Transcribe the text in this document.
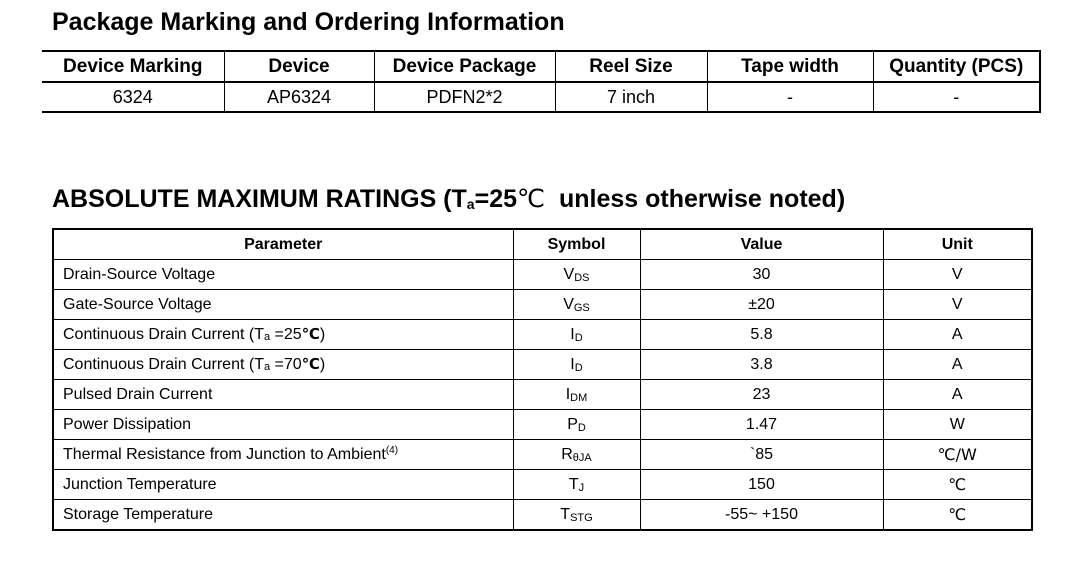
Package Marking and Ordering Information
Device Marking	Device	Device Package	Reel Size	Tape width	Quantity (PCS)
6324	AP6324	PDFN2*2	7 inch	-	-
ABSOLUTE MAXIMUM RATINGS (Ta=25℃  unless otherwise noted)
Parameter	Symbol	Value	Unit
Drain-Source Voltage	VDS	30	V
Gate-Source Voltage	VGS	±20	V
Continuous Drain Current (Ta =25℃)	ID	5.8	A
Continuous Drain Current (Ta =70℃)	ID	3.8	A
Pulsed Drain Current	IDM	23	A
Power Dissipation	PD	1.47	W
Thermal Resistance from Junction to Ambient$^{(4)}$	RθJA	`85	℃/W
Junction Temperature	TJ	150	℃
Storage Temperature	TSTG	-55~ +150	℃
